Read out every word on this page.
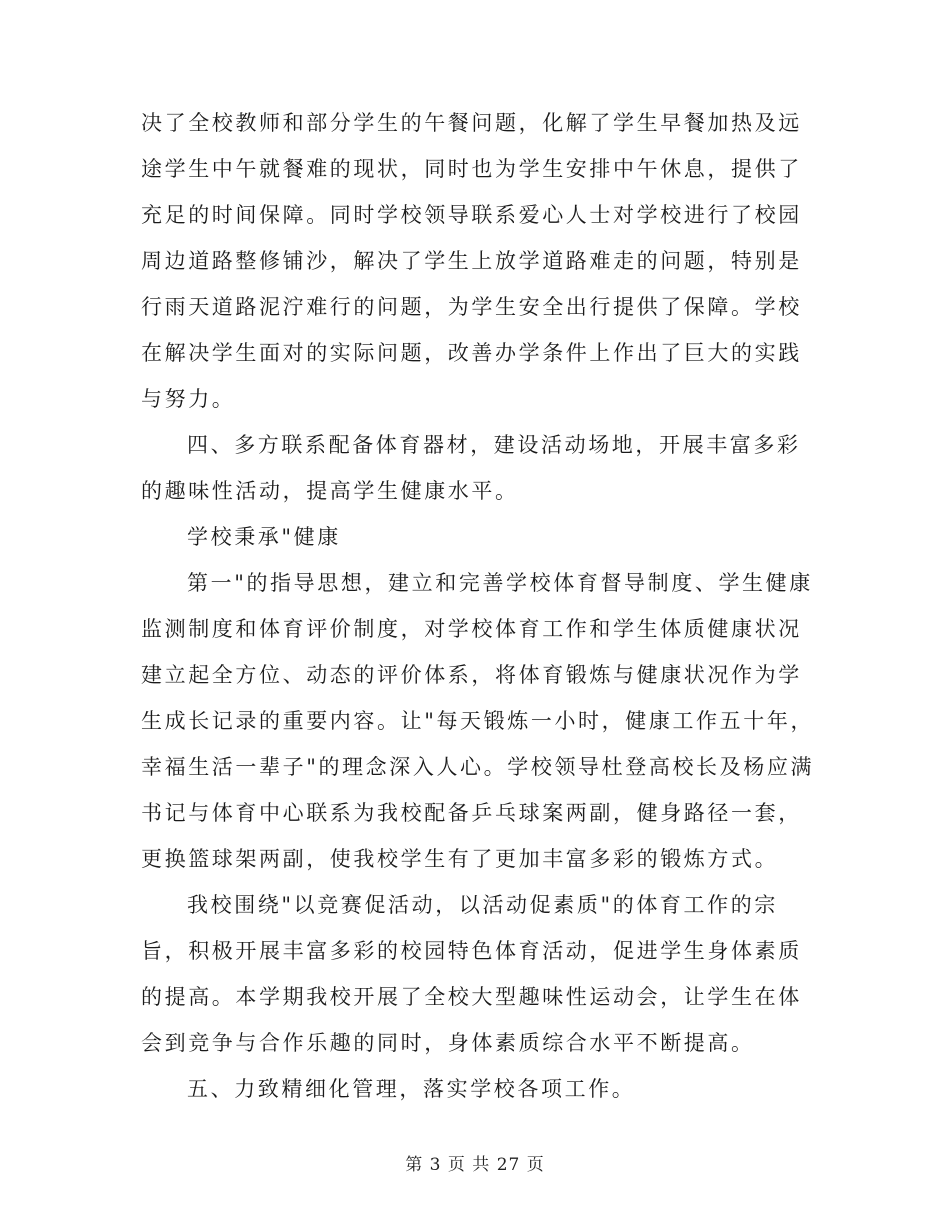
决了全校教师和部分学生的午餐问题，化解了学生早餐加热及远
途学生中午就餐难的现状，同时也为学生安排中午休息，提供了
充足的时间保障。同时学校领导联系爱心人士对学校进行了校园
周边道路整修铺沙，解决了学生上放学道路难走的问题，特别是
行雨天道路泥泞难行的问题，为学生安全出行提供了保障。学校
在解决学生面对的实际问题，改善办学条件上作出了巨大的实践
与努力。
四、多方联系配备体育器材，建设活动场地，开展丰富多彩
的趣味性活动，提高学生健康水平。
学校秉承"健康
第一"的指导思想，建立和完善学校体育督导制度、学生健康
监测制度和体育评价制度，对学校体育工作和学生体质健康状况
建立起全方位、动态的评价体系，将体育锻炼与健康状况作为学
生成长记录的重要内容。让"每天锻炼一小时，健康工作五十年，
幸福生活一辈子"的理念深入人心。学校领导杜登高校长及杨应满
书记与体育中心联系为我校配备乒乓球案两副，健身路径一套，
更换篮球架两副，使我校学生有了更加丰富多彩的锻炼方式。
我校围绕"以竞赛促活动，以活动促素质"的体育工作的宗
旨，积极开展丰富多彩的校园特色体育活动，促进学生身体素质
的提高。本学期我校开展了全校大型趣味性运动会，让学生在体
会到竞争与合作乐趣的同时，身体素质综合水平不断提高。
五、力致精细化管理，落实学校各项工作。
第 3 页 共 27 页
